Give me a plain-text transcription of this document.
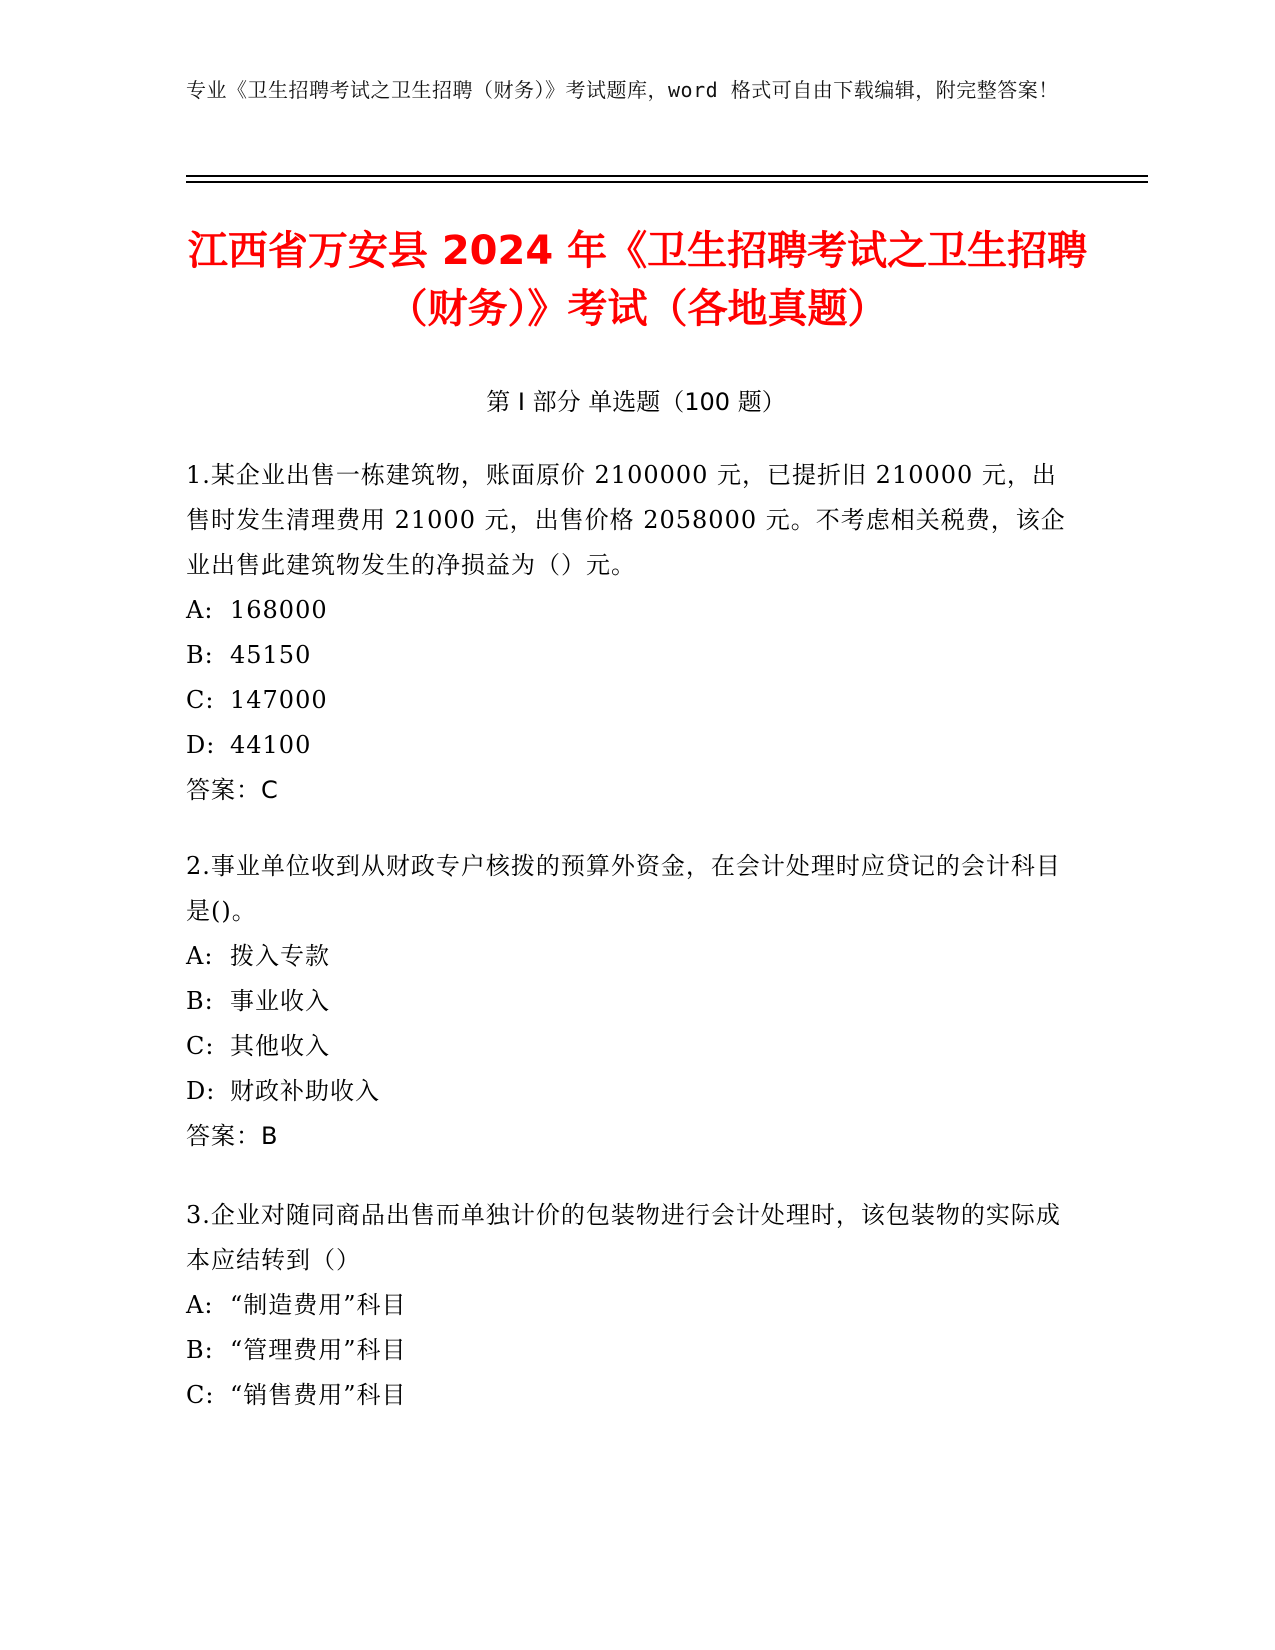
专业《卫生招聘考试之卫生招聘（财务）》考试题库，word 格式可自由下载编辑，附完整答案！
江西省万安县 2024 年《卫生招聘考试之卫生招聘（财务）》考试（各地真题）
第 I 部分 单选题（100 题）

1.某企业出售一栋建筑物，账面原价 2100000 元，已提折旧 210000 元，出售时发生清理费用 21000 元，出售价格 2058000 元。不考虑相关税费，该企业出售此建筑物发生的净损益为（）元。

A: 168000

B: 45150

C: 147000

D: 44100

答案：C

2.事业单位收到从财政专户核拨的预算外资金，在会计处理时应贷记的会计科目是()。

A: 拨入专款

B: 事业收入

C: 其他收入

D: 财政补助收入

答案：B

3.企业对随同商品出售而单独计价的包装物进行会计处理时，该包装物的实际成本应结转到（）

A: “制造费用”科目

B: “管理费用”科目

C: “销售费用”科目
